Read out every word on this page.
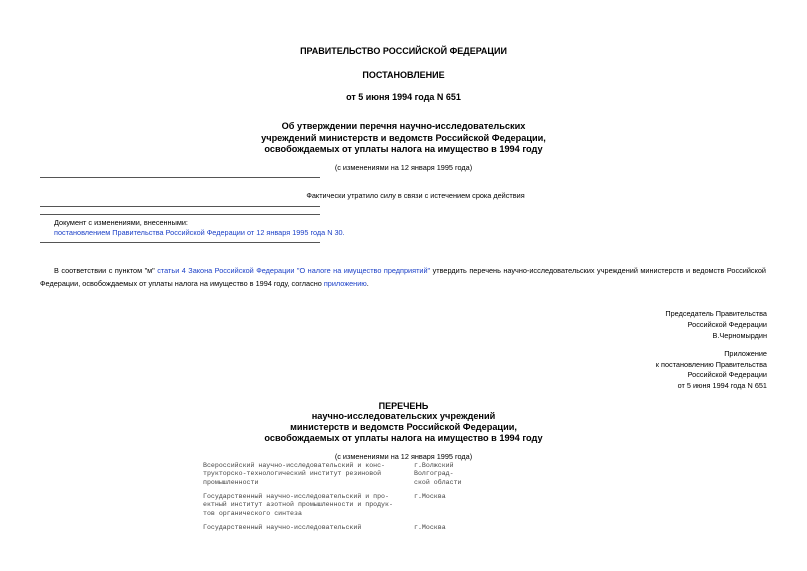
ПРАВИТЕЛЬСТВО РОССИЙСКОЙ ФЕДЕРАЦИИ
ПОСТАНОВЛЕНИЕ
от 5 июня 1994 года N 651
Об утверждении перечня научно-исследовательских
учреждений министерств и ведомств Российской Федерации,
освобождаемых от уплаты налога на имущество в 1994 году
(с изменениями на 12 января 1995 года)
Фактически утратило силу в связи с истечением срока действия
Документ с изменениями, внесенными:
постановлением Правительства Российской Федерации от 12 января 1995 года N 30.
В соответствии с пунктом "м" статьи 4 Закона Российской Федерации "О налоге на имущество предприятий" утвердить перечень научно-исследовательских учреждений министерств и ведомств Российской Федерации, освобождаемых от уплаты налога на имущество в 1994 году, согласно приложению.
Председатель Правительства
Российской Федерации
В.Черномырдин
Приложение
к постановлению Правительства
Российской Федерации
от 5 июня 1994 года N 651
ПЕРЕЧЕНЬ
научно-исследовательских учреждений
министерств и ведомств Российской Федерации,
освобождаемых от уплаты налога на имущество в 1994 году
(с изменениями на 12 января 1995 года)
Всероссийский научно-исследовательский и конс-
трукторско-технологический институт резиновой
промышленности
г.Волжский
Волгоград-
ской области
Государственный научно-исследовательский и про-
ектный институт азотной промышленности и продук-
тов органического синтеза
г.Москва
Государственный научно-исследовательский	г.Москва
